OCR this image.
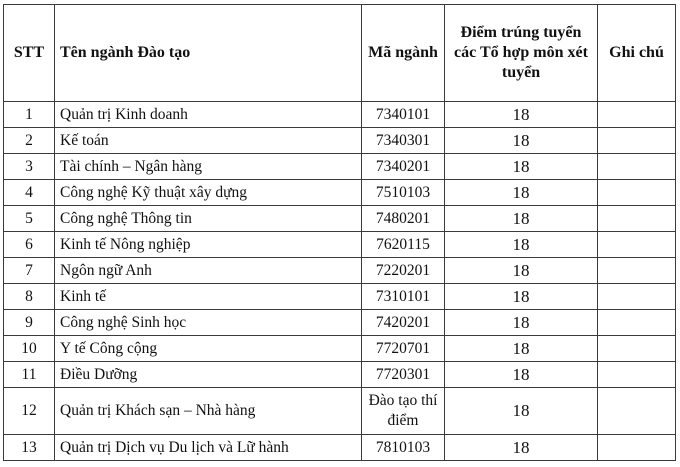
STT	Tên ngành Đào tạo	Mã ngành	Điểm trúng tuyển các Tổ hợp môn xét tuyển	Ghi chú
1	Quản trị Kinh doanh	7340101	18	
2	Kế toán	7340301	18	
3	Tài chính – Ngân hàng	7340201	18	
4	Công nghệ Kỹ thuật xây dựng	7510103	18	
5	Công nghệ Thông tin	7480201	18	
6	Kinh tế Nông nghiệp	7620115	18	
7	Ngôn ngữ Anh	7220201	18	
8	Kinh tế	7310101	18	
9	Công nghệ Sinh học	7420201	18	
10	Y tế Công cộng	7720701	18	
11	Điều Dưỡng	7720301	18	
12	Quản trị Khách sạn – Nhà hàng	Đào tạo thí điểm	18	
13	Quản trị Dịch vụ Du lịch và Lữ hành	7810103	18	
